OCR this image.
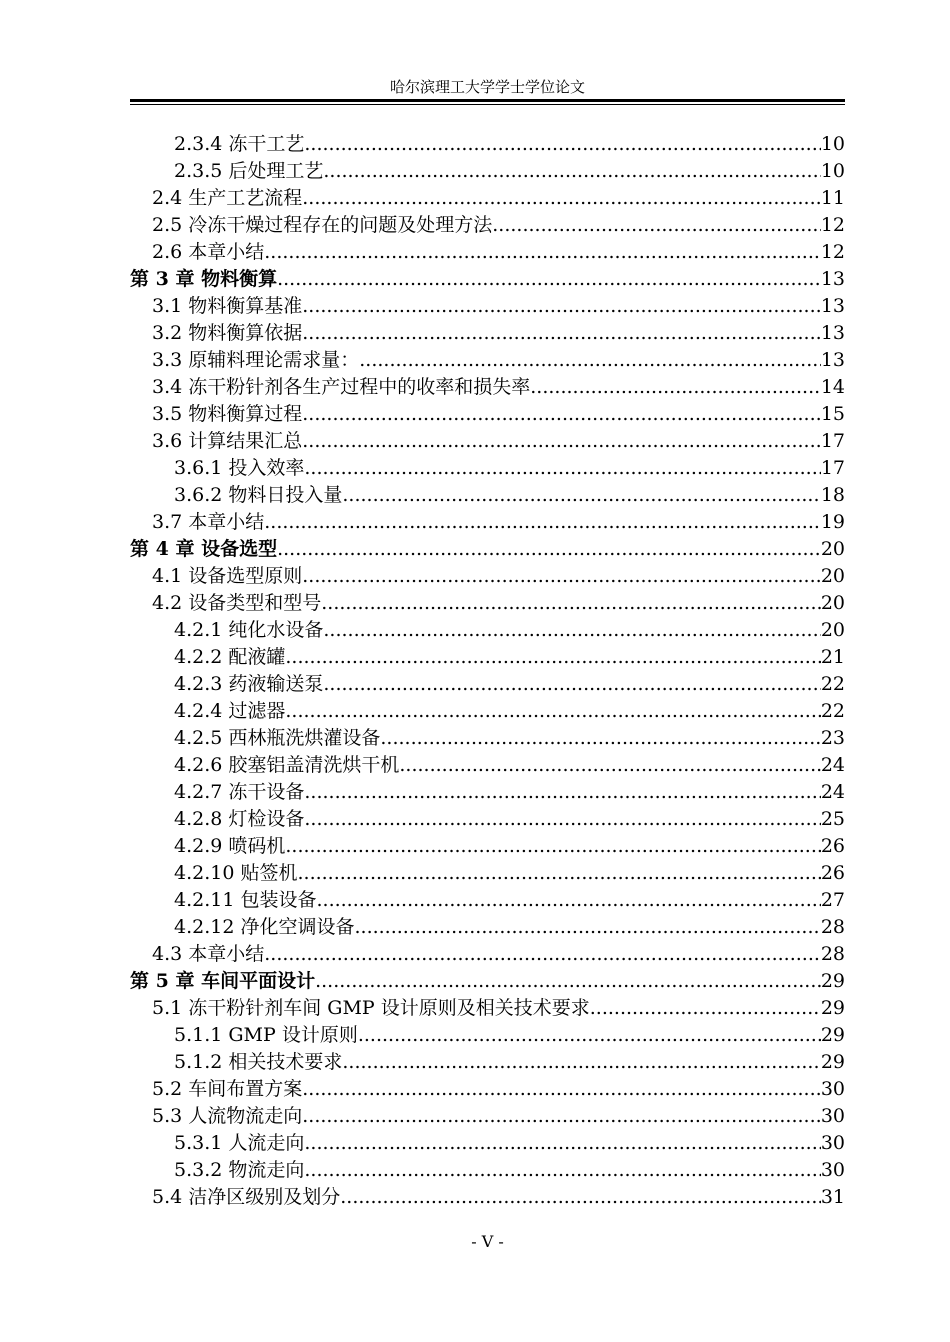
哈尔滨理工大学学士学位论文
2.3.4 冻干工艺 .....	10
2.3.5 后处理工艺 .....	10
2.4 生产工艺流程 .....	11
2.5 冷冻干燥过程存在的问题及处理方法 .....	12
2.6 本章小结 .....	12
第 3 章 物料衡算 .....	13
3.1 物料衡算基准 .....	13
3.2 物料衡算依据 .....	13
3.3 原辅料理论需求量： .....	13
3.4 冻干粉针剂各生产过程中的收率和损失率 .....	14
3.5 物料衡算过程 .....	15
3.6 计算结果汇总 .....	17
3.6.1 投入效率 .....	17
3.6.2 物料日投入量 .....	18
3.7 本章小结 .....	19
第 4 章 设备选型 .....	20
4.1 设备选型原则 .....	20
4.2 设备类型和型号 .....	20
4.2.1 纯化水设备 .....	20
4.2.2 配液罐 .....	21
4.2.3 药液输送泵 .....	22
4.2.4 过滤器 .....	22
4.2.5 西林瓶洗烘灌设备 .....	23
4.2.6 胶塞铝盖清洗烘干机 .....	24
4.2.7 冻干设备 .....	24
4.2.8 灯检设备 .....	25
4.2.9 喷码机 .....	26
4.2.10 贴签机 .....	26
4.2.11 包装设备 .....	27
4.2.12 净化空调设备 .....	28
4.3 本章小结 .....	28
第 5 章 车间平面设计 .....	29
5.1 冻干粉针剂车间 GMP 设计原则及相关技术要求 .....	29
5.1.1 GMP 设计原则 .....	29
5.1.2 相关技术要求 .....	29
5.2 车间布置方案 .....	30
5.3 人流物流走向 .....	30
5.3.1 人流走向 .....	30
5.3.2 物流走向 .....	30
5.4 洁净区级别及划分 .....	31
- V -
